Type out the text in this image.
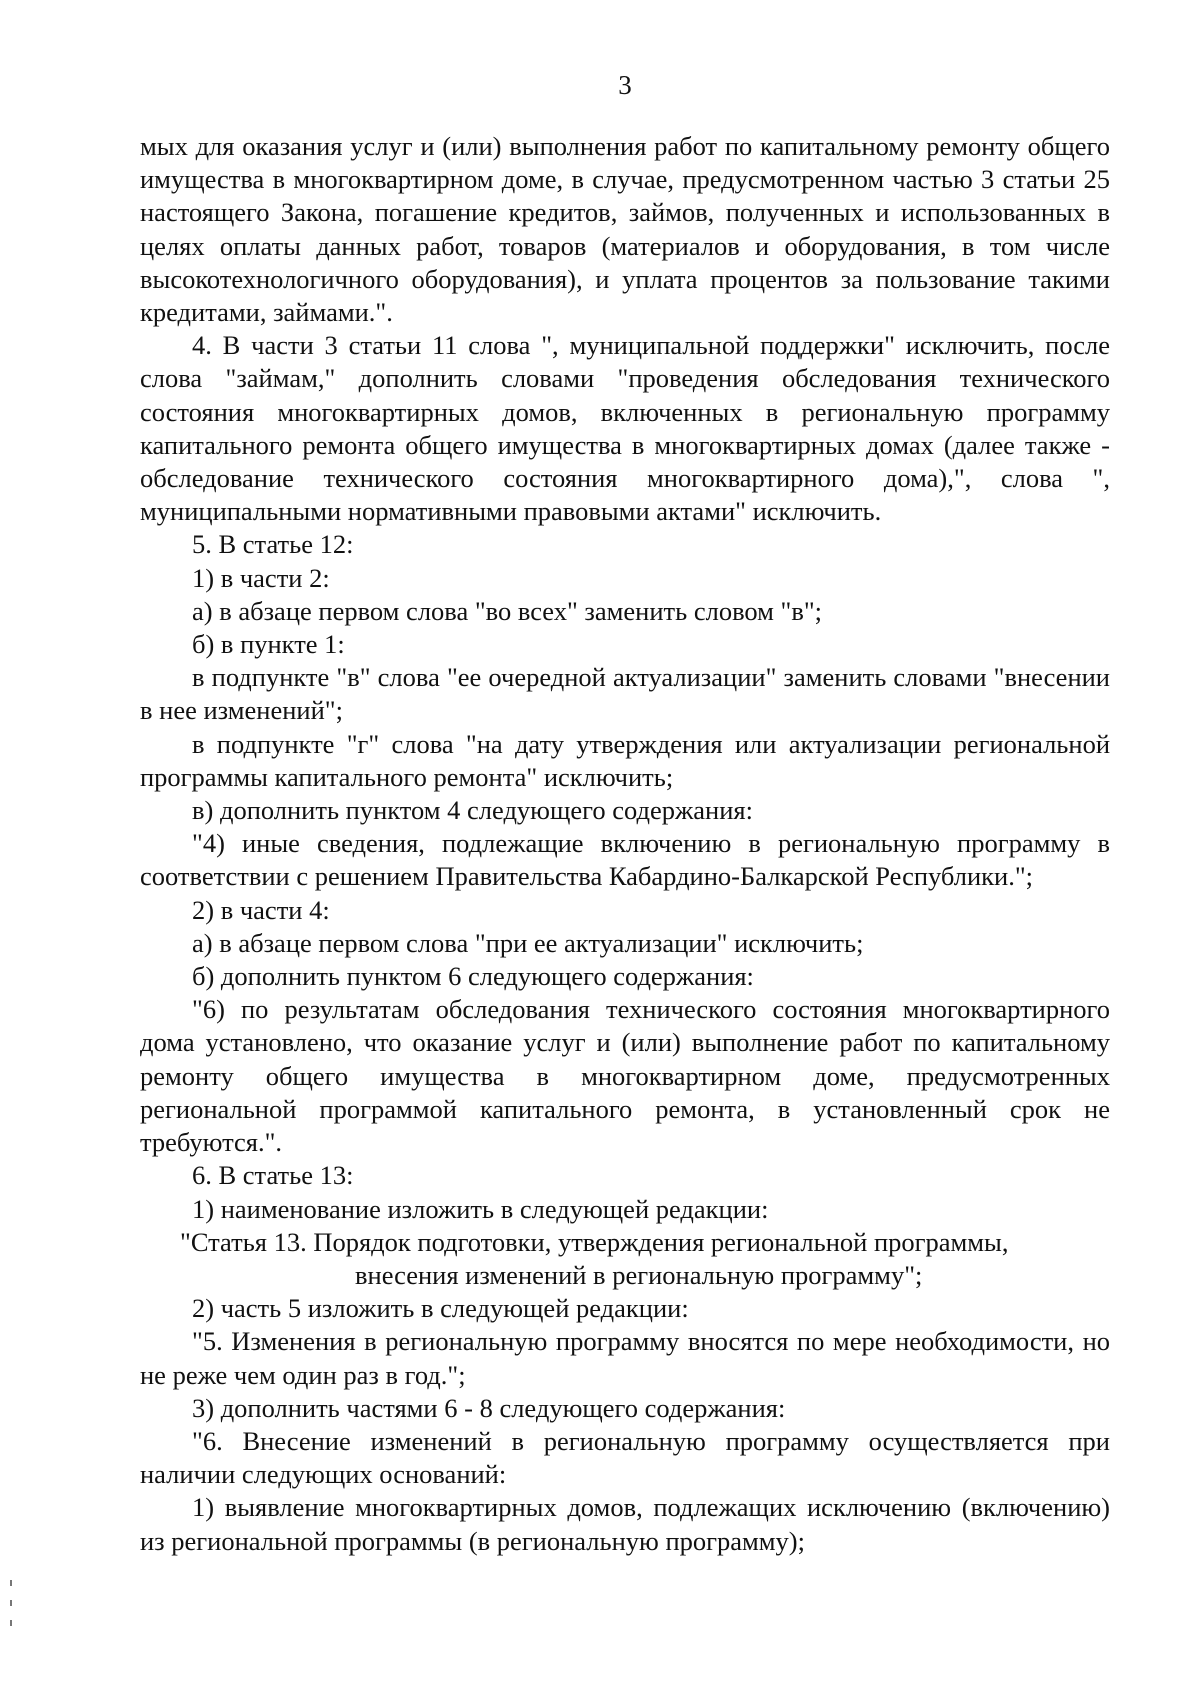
3

мых для оказания услуг и (или) выполнения работ по капитальному ремонту общего имущества в многоквартирном доме, в случае, предусмотренном частью 3 статьи 25 настоящего Закона, погашение кредитов, займов, полученных и использованных в целях оплаты данных работ, товаров (материалов и оборудования, в том числе высокотехнологичного оборудования), и уплата процентов за пользование такими кредитами, займами.".

4. В части 3 статьи 11 слова ", муниципальной поддержки" исключить, после слова "займам," дополнить словами "проведения обследования технического состояния многоквартирных домов, включенных в региональную программу капитального ремонта общего имущества в многоквартирных домах (далее также - обследование технического состояния многоквартирного дома),", слова ", муниципальными нормативными правовыми актами" исключить.

5. В статье 12:

1) в части 2:

а) в абзаце первом слова "во всех" заменить словом "в";

б) в пункте 1:

в подпункте "в" слова "ее очередной актуализации" заменить словами "внесении в нее изменений";

в подпункте "г" слова "на дату утверждения или актуализации региональной программы капитального ремонта" исключить;

в) дополнить пунктом 4 следующего содержания:

"4) иные сведения, подлежащие включению в региональную программу в соответствии с решением Правительства Кабардино-Балкарской Республики.";

2) в части 4:

а) в абзаце первом слова "при ее актуализации" исключить;

б) дополнить пунктом 6 следующего содержания:

"6) по результатам обследования технического состояния многоквартирного дома установлено, что оказание услуг и (или) выполнение работ по капитальному ремонту общего имущества в многоквартирном доме, предусмотренных региональной программой капитального ремонта, в установленный срок не требуются.".

6. В статье 13:

1) наименование изложить в следующей редакции:

"Статья 13. Порядок подготовки, утверждения региональной программы,
внесения изменений в региональную программу";

2) часть 5 изложить в следующей редакции:

"5. Изменения в региональную программу вносятся по мере необходимости, но не реже чем один раз в год.";

3) дополнить частями 6 - 8 следующего содержания:

"6. Внесение изменений в региональную программу осуществляется при наличии следующих оснований:

1) выявление многоквартирных домов, подлежащих исключению (включению) из региональной программы (в региональную программу);
